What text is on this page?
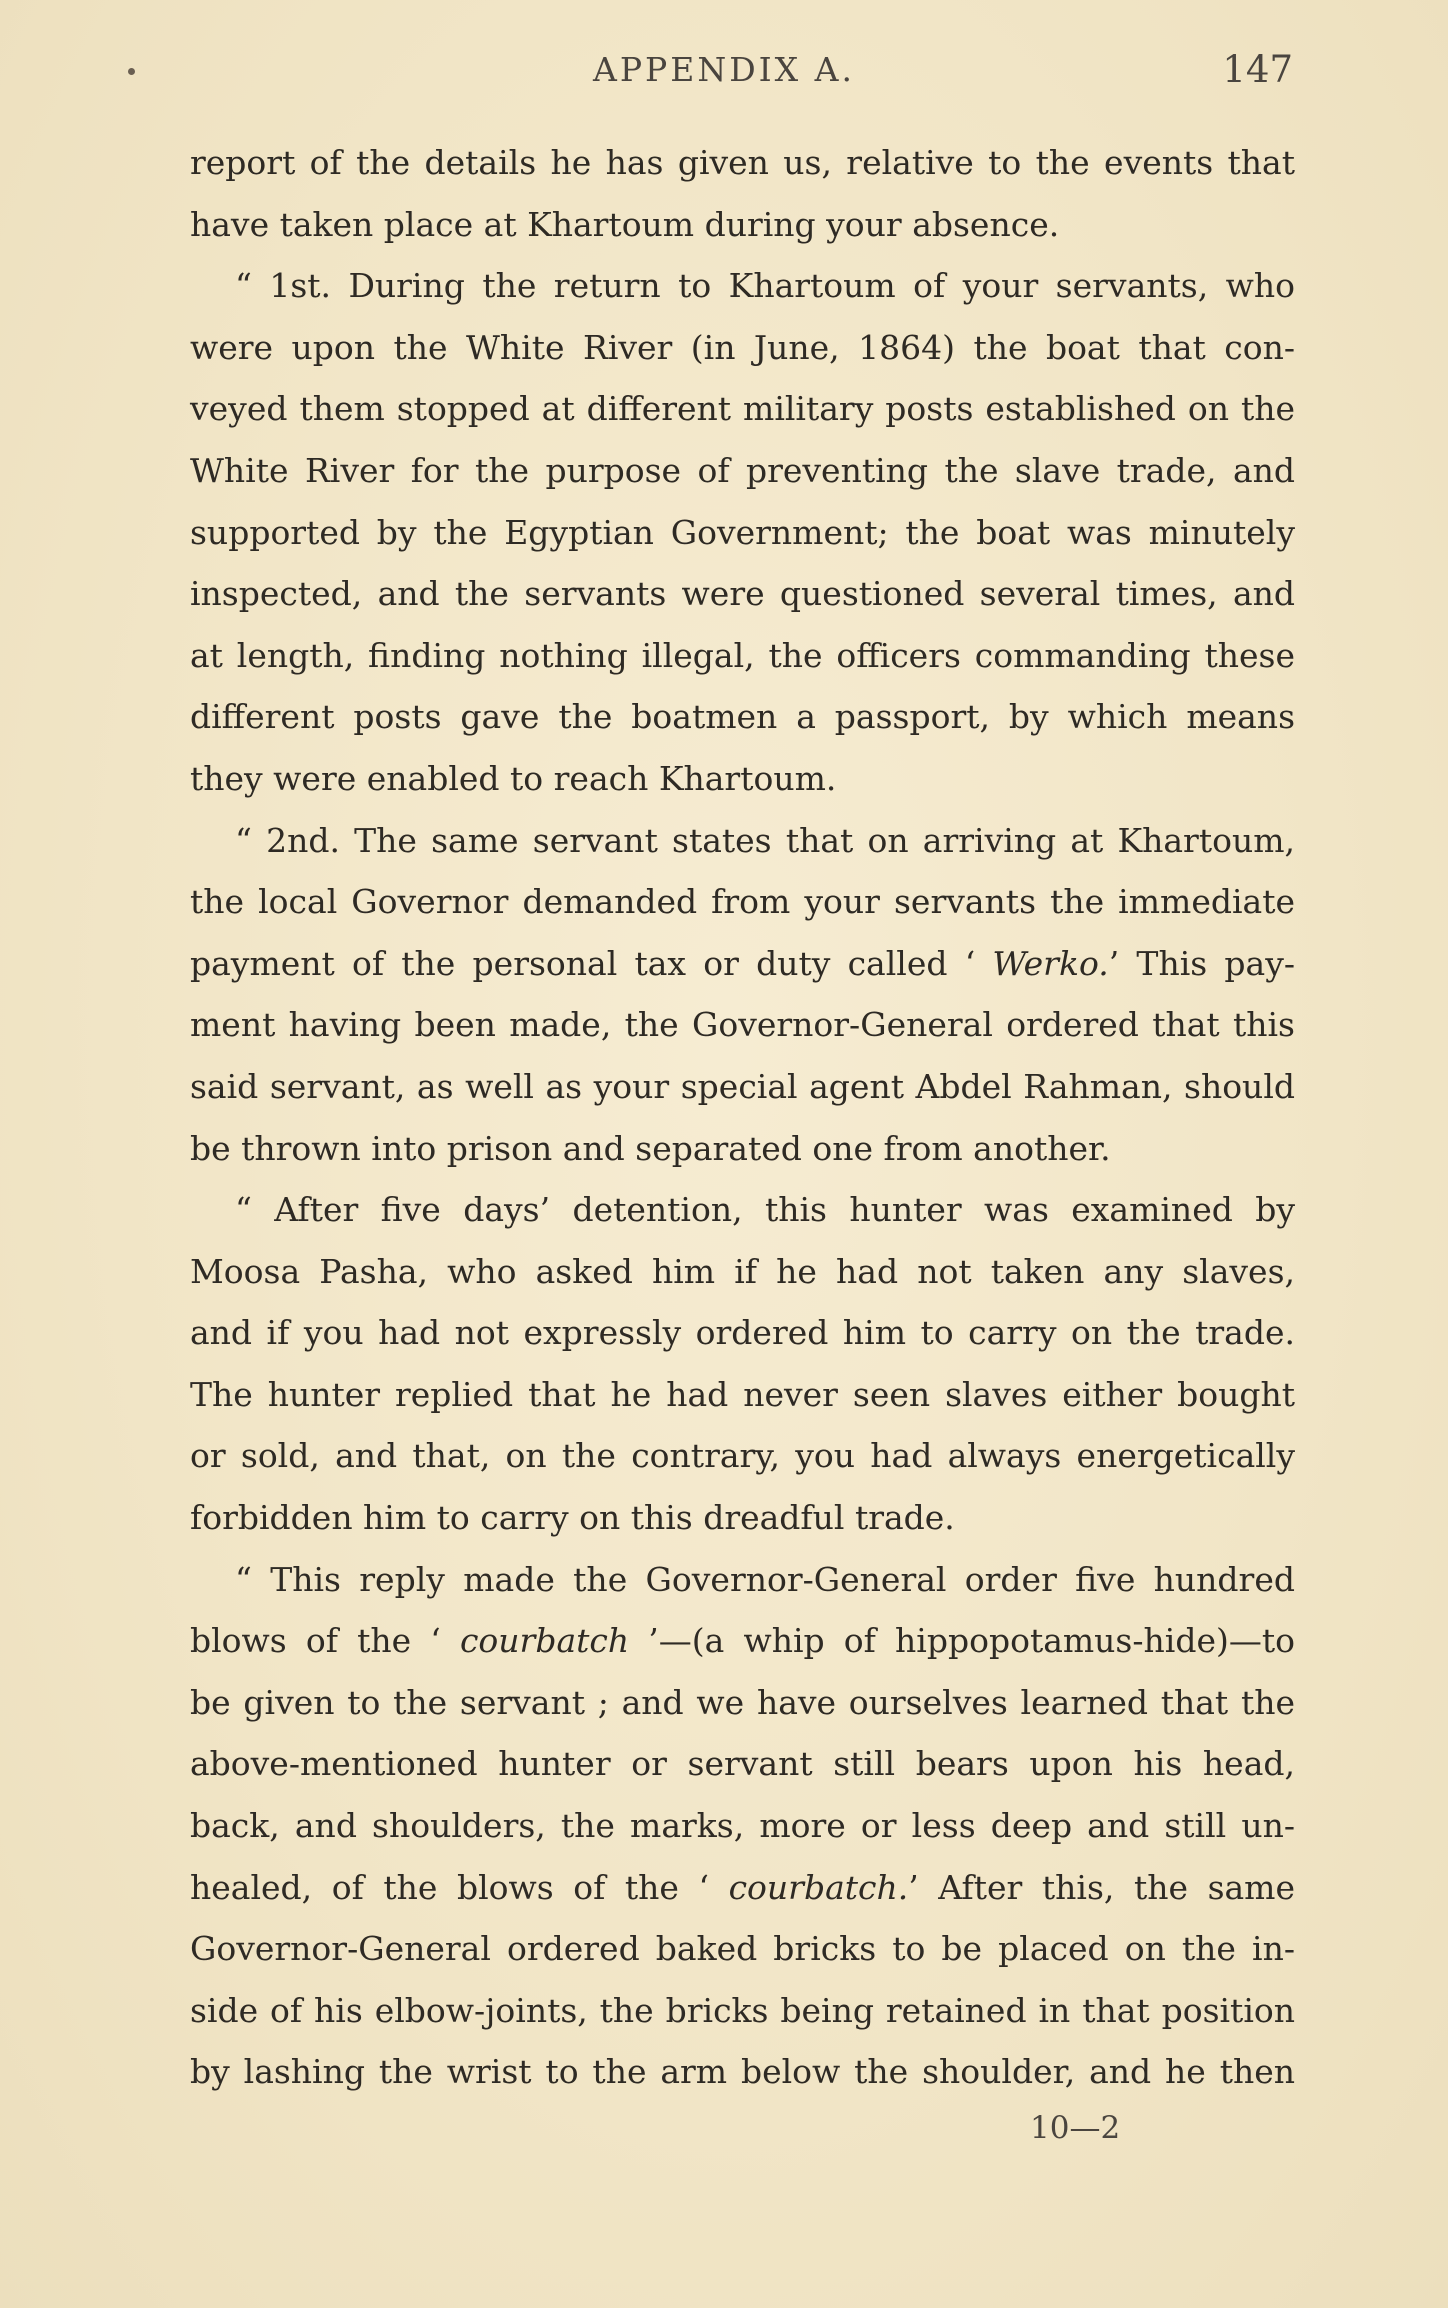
APPENDIX A.	147
report of the details he has given us, relative to the events that
have taken place at Khartoum during your absence.
“ 1st. During the return to Khartoum of your servants, who
were upon the White River (in June, 1864) the boat that con-
veyed them stopped at different military posts established on the
White River for the purpose of preventing the slave trade, and
supported by the Egyptian Government; the boat was minutely
inspected, and the servants were questioned several times, and
at length, finding nothing illegal, the officers commanding these
different posts gave the boatmen a passport, by which means
they were enabled to reach Khartoum.
“ 2nd. The same servant states that on arriving at Khartoum,
the local Governor demanded from your servants the immediate
payment of the personal tax or duty called ‘ Werko.’ This pay-
ment having been made, the Governor-General ordered that this
said servant, as well as your special agent Abdel Rahman, should
be thrown into prison and separated one from another.
“ After five days’ detention, this hunter was examined by
Moosa Pasha, who asked him if he had not taken any slaves,
and if you had not expressly ordered him to carry on the trade.
The hunter replied that he had never seen slaves either bought
or sold, and that, on the contrary, you had always energetically
forbidden him to carry on this dreadful trade.
“ This reply made the Governor-General order five hundred
blows of the ‘ courbatch ’—(a whip of hippopotamus-hide)—to
be given to the servant ; and we have ourselves learned that the
above-mentioned hunter or servant still bears upon his head,
back, and shoulders, the marks, more or less deep and still un-
healed, of the blows of the ‘ courbatch.’ After this, the same
Governor-General ordered baked bricks to be placed on the in-
side of his elbow-joints, the bricks being retained in that position
by lashing the wrist to the arm below the shoulder, and he then
10—2
